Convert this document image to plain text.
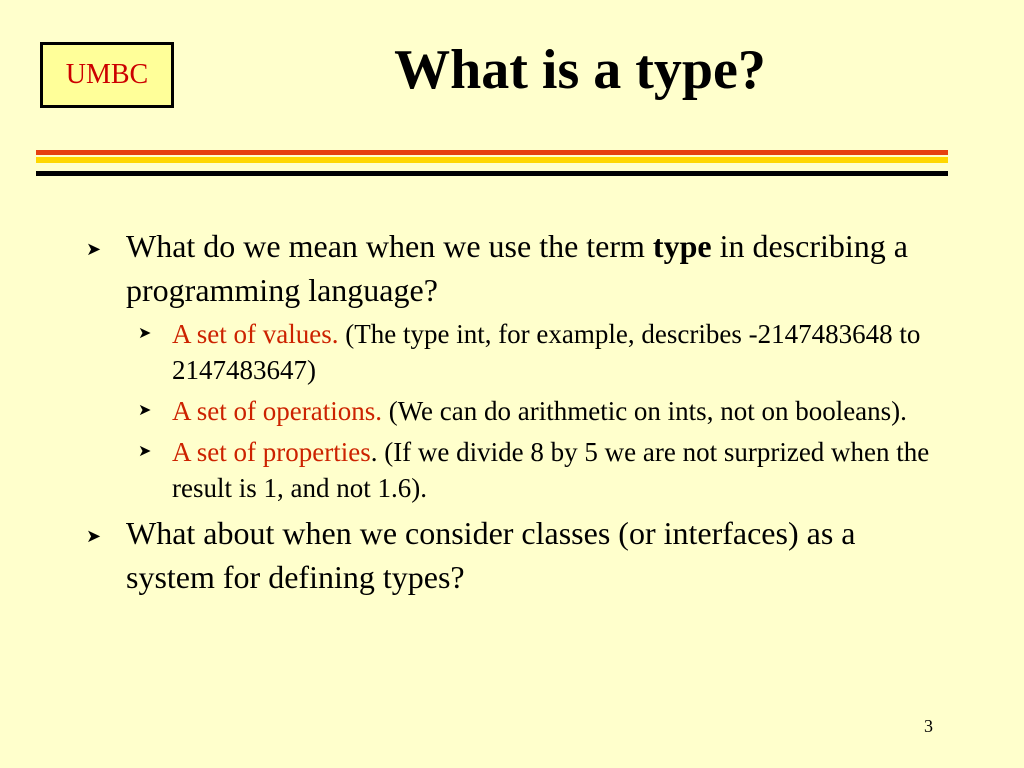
UMBC	What is a type?
➤ What do we mean when we use the term type in describing a programming language?
➤ A set of values. (The type int, for example, describes -2147483648 to 2147483647)
➤ A set of operations. (We can do arithmetic on ints, not on booleans).
➤ A set of properties. (If we divide 8 by 5 we are not surprized when the result is 1, and not 1.6).
➤ What about when we consider classes (or interfaces) as a system for defining types?
3
